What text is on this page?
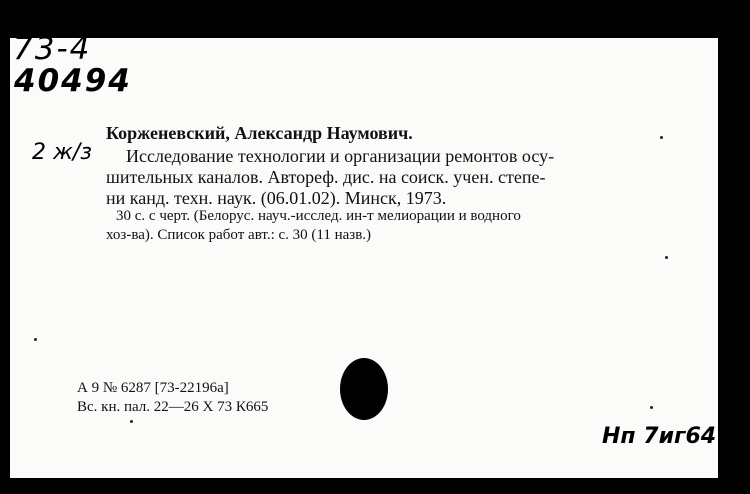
73-4
40494
2 ж/з
Корженевский, Александр Наумович.
Исследование технологии и организации ремонтов осу-
шительных каналов. Автореф. дис. на соиск. учен. степе-
ни канд. техн. наук. (06.01.02). Минск, 1973.
30 с. с черт. (Белорус. науч.-исслед. ин-т мелиорации и водного
хоз-ва). Список работ авт.: с. 30 (11 назв.)
А 9 № 6287 [73-22196а]
Вс. кн. пал. 22—26 X 73 К665
Нп 7иг64
